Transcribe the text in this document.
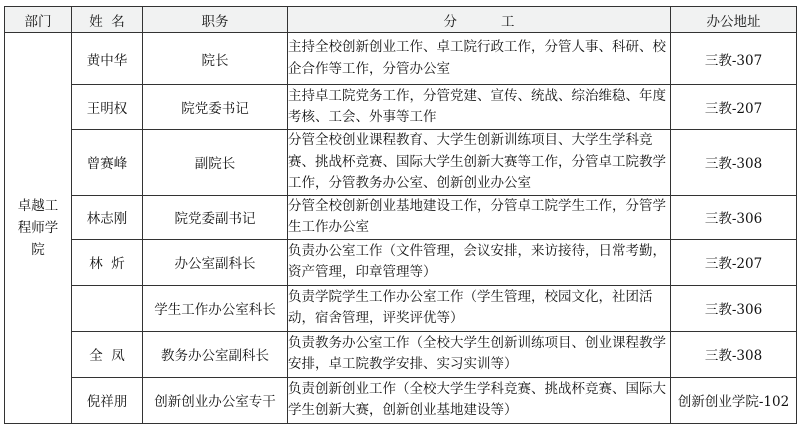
部门	姓  名	职务	分 工	办公地址

卓越工程师学院	黄中华	院长	主持全校创新创业工作、卓工院行政工作，分管人事、科研、校企合作等工作，分管办公室	三教-307
	王明权	院党委书记	主持卓工院党务工作，分管党建、宣传、统战、综治维稳、年度考核、工会、外事等工作	三教-207
	曾赛峰	副院长	分管全校创业课程教育、大学生创新训练项目、大学生学科竞赛、挑战杯竞赛、国际大学生创新大赛等工作，分管卓工院教学工作，分管教务办公室、创新创业办公室	三教-308
	林志刚	院党委副书记	分管全校创新创业基地建设工作，分管卓工院学生工作，分管学生工作办公室	三教-306
	林  炘	办公室副科长	负责办公室工作（文件管理，会议安排，来访接待，日常考勤，资产管理，印章管理等）	三教-207
		学生工作办公室科长	负责学院学生工作办公室工作（学生管理，校园文化，社团活动，宿舍管理，评奖评优等）	三教-306
	全  凤	教务办公室副科长	负责教务办公室工作（全校大学生创新训练项目、创业课程教学安排，卓工院教学安排、实习实训等）	三教-308
	倪祥朋	创新创业办公室专干	负责创新创业工作（全校大学生学科竞赛、挑战杯竞赛、国际大学生创新大赛，创新创业基地建设等）	创新创业学院-102
